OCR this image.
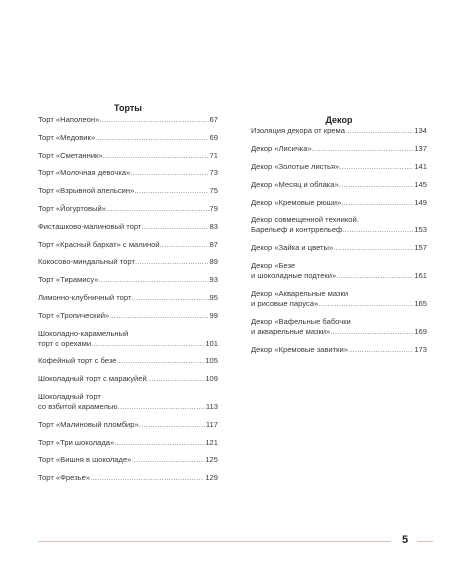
Торты
Торт «Наполеон» .....	67
Торт «Медовик» .....	69
Торт «Сметанник» .....	71
Торт «Молочная девочка» .....	73
Торт «Взрывной апельсин» .....	75
Торт «Йогуртовый» .....	79
Фисташково-малиновый торт .....	83
Торт «Красный бархат» с малиной .....	87
Кокосово-миндальный торт .....	89
Торт «Тирамису» .....	93
Лимонно-клубничный торт .....	95
Торт «Тропический» .....	99
Шоколадно-карамельный
торт с орехами .....	101
Кофейный торт с безе .....	105
Шоколадный торт с маракуйей .....	109
Шоколадный торт
со взбитой карамелью .....	113
Торт «Малиновый пломбир» .....	117
Торт «Три шоколада» .....	121
Торт «Вишня в шоколаде» .....	125
Торт «Фрезье» .....	129
Декор
Изоляция декора от крема .....	134
Декор «Лисичка» .....	137
Декор «Золотые листья» .....	141
Декор «Месяц и облака» .....	145
Декор «Кремовые рюши» .....	149
Декор совмещенной техникой.
Барельеф и контррельеф .....	153
Декор «Зайка и цветы» .....	157
Декор «Безе
и шоколадные подтеки» .....	161
Декор «Акварельные мазки
и рисовые паруса» .....	165
Декор «Вафельные бабочки
и акварельные мазки» .....	169
Декор «Кремовые завитки» .....	173
5
